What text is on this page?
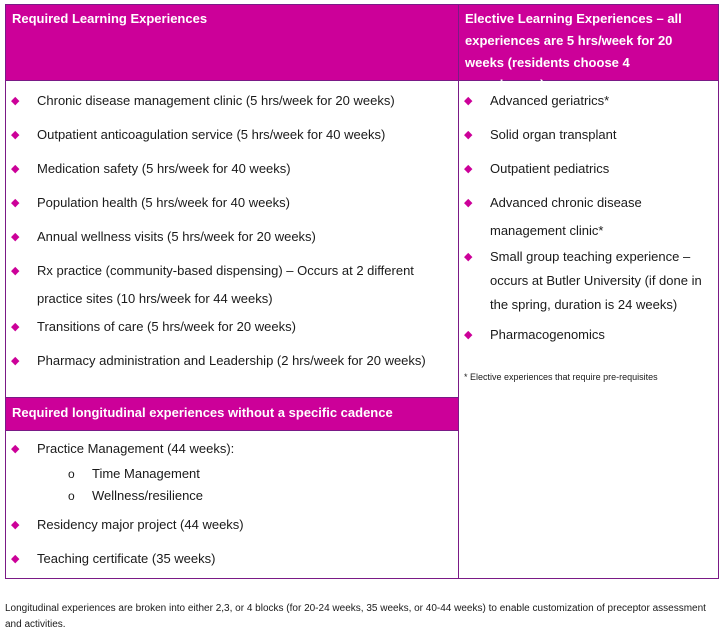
Required Learning Experiences	Elective Learning Experiences – all experiences are 5 hrs/week for 20 weeks (residents choose 4 experiences).
◆ Chronic disease management clinic (5 hrs/week for 20 weeks)
◆ Outpatient anticoagulation service (5 hrs/week for 40 weeks)
◆ Medication safety (5 hrs/week for 40 weeks)
◆ Population health (5 hrs/week for 40 weeks)
◆ Annual wellness visits (5 hrs/week for 20 weeks)
◆ Rx practice (community-based dispensing) – Occurs at 2 different practice sites (10 hrs/week for 44 weeks)
◆ Transitions of care (5 hrs/week for 20 weeks)
◆ Pharmacy administration and Leadership (2 hrs/week for 20 weeks)
Required longitudinal experiences without a specific cadence
◆ Practice Management (44 weeks):
o Time Management
o Wellness/resilience
◆ Residency major project (44 weeks)
◆ Teaching certificate (35 weeks)
◆ Advanced geriatrics*
◆ Solid organ transplant
◆ Outpatient pediatrics
◆ Advanced chronic disease management clinic*
◆ Small group teaching experience – occurs at Butler University (if done in the spring, duration is 24 weeks)
◆ Pharmacogenomics
* Elective experiences that require pre-requisites
Longitudinal experiences are broken into either 2,3, or 4 blocks (for 20-24 weeks, 35 weeks, or 40-44 weeks) to enable customization of preceptor assessment and activities.
